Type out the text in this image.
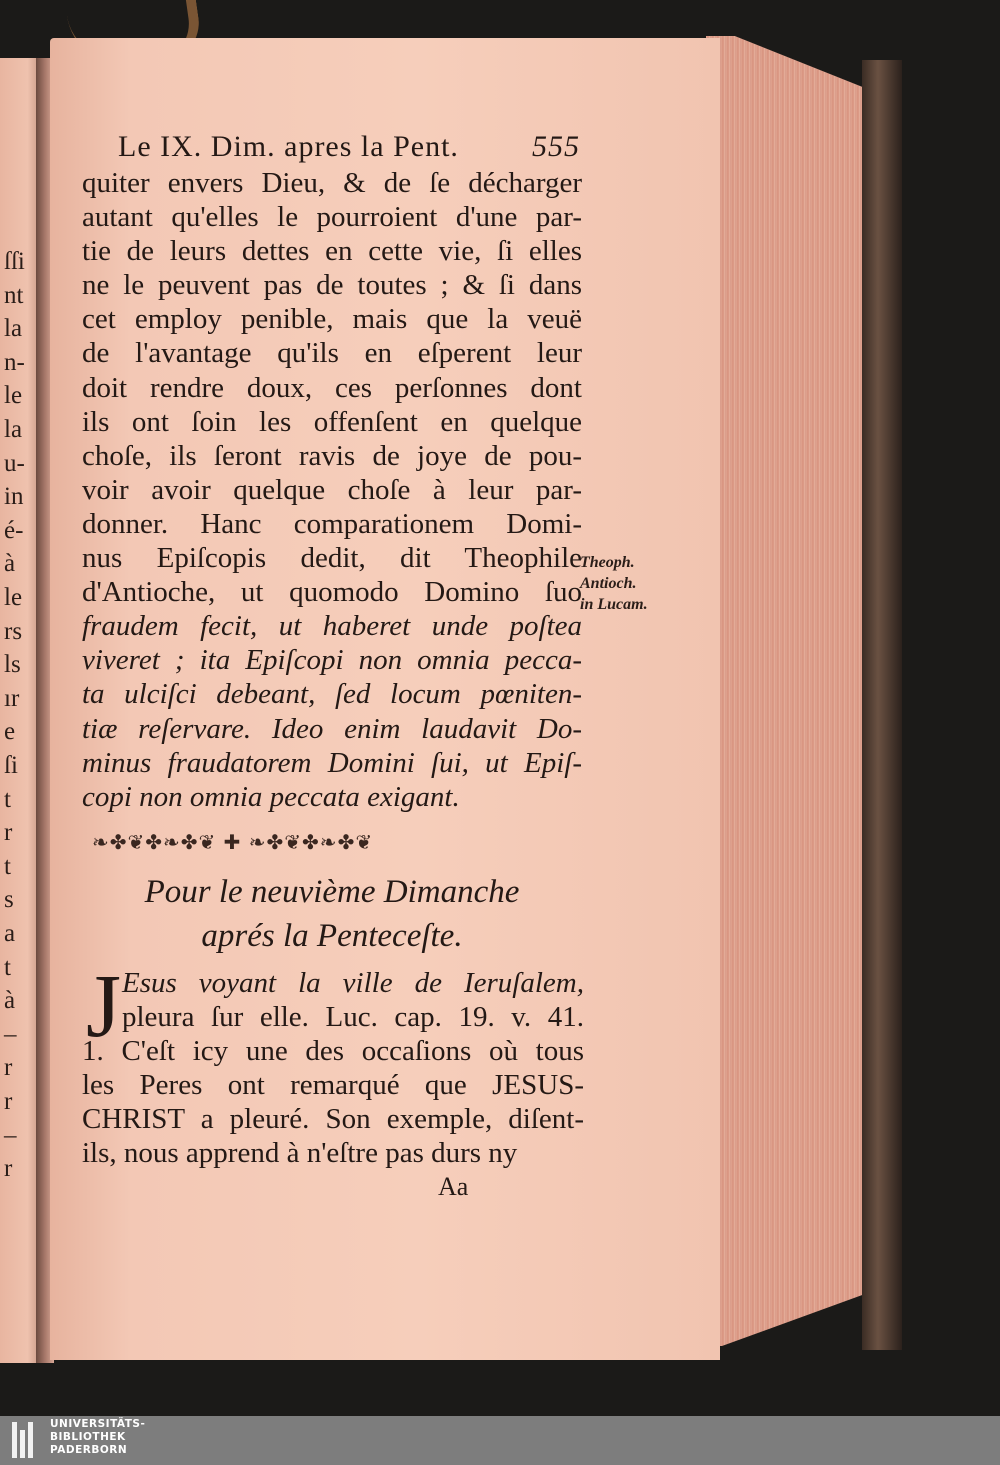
ſſi
nt
la
n-
le
la
u-
in
é-
à
le
rs
ls
ır
e
ſi
t
r
t
s
a
t
à
–
r
r
–
r
Le IX. Dim. apres la Pent. 555
quiter envers Dieu, & de ſe décharger
autant qu'elles le pourroient d'une par-
tie de leurs dettes en cette vie, ſi elles
ne le peuvent pas de toutes ; & ſi dans
cet employ penible, mais que la veuë
de l'avantage qu'ils en eſperent leur
doit rendre doux, ces perſonnes dont
ils ont ſoin les offenſent en quelque
choſe, ils ſeront ravis de joye de pou-
voir avoir quelque choſe à leur par-
donner. Hanc comparationem Domi-
nus Epiſcopis dedit, dit Theophile
d'Antioche, ut quomodo Domino ſuo
fraudem fecit, ut haberet unde poſtea
viveret ; ita Epiſcopi non omnia pecca-
ta ulciſci debeant, ſed locum pœniten-
tiæ reſervare. Ideo enim laudavit Do-
minus fraudatorem Domini ſui, ut Epiſ-
copi non omnia peccata exigant.
Theoph.
Antioch.
in Lucam.
❧✤❦✤❧✤❦ ✚ ❧✤❦✤❧✤❦
Pour le neuvième Dimanche
aprés la Penteceſte.
J Esus voyant la ville de Ieruſalem,
pleura ſur elle. Luc. cap. 19. v. 41.
1. C'eſt icy une des occaſions où tous
les Peres ont remarqué que JESUS-
CHRIST a pleuré. Son exemple, diſent-
ils, nous apprend à n'eſtre pas durs ny
Aa
UNIVERSITÄTS-
BIBLIOTHEK
PADERBORN
